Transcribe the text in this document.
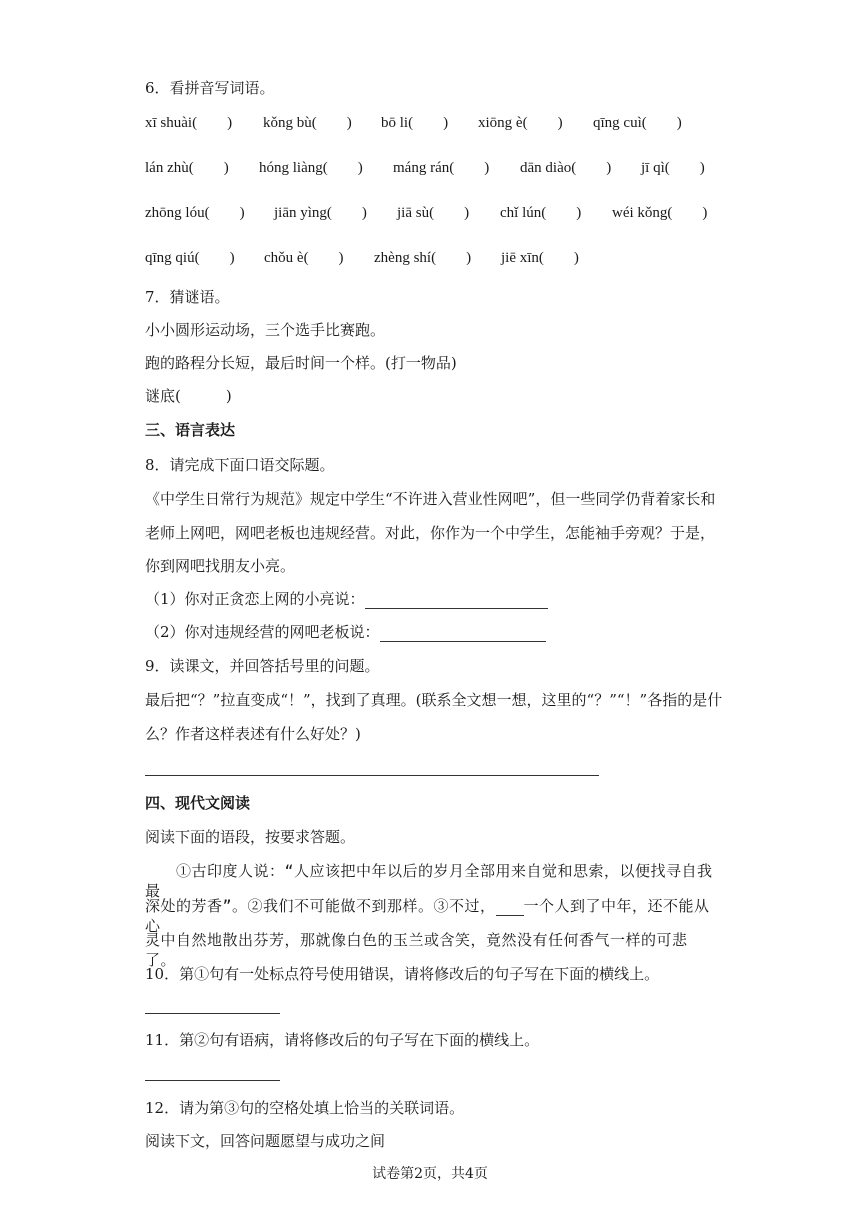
6．看拼音写词语。
xī shuài(　　) kǒng bù(　　) bō li(　　) xiōng è(　　) qīng cuì(　　)
lán zhù(　　) hóng liàng(　　) máng rán(　　) dān diào(　　) jī qì(　　)
zhōng lóu(　　) jiān yìng(　　) jiā sù(　　) chǐ lún(　　) wéi kǒng(　　)
qīng qiú(　　) chǒu è(　　) zhèng shí(　　) jiē xīn(　　)
7．猜谜语。
小小圆形运动场，三个选手比赛跑。
跑的路程分长短，最后时间一个样。(打一物品)
谜底(　　　)
三、语言表达
8．请完成下面口语交际题。
《中学生日常行为规范》规定中学生“不许进入营业性网吧”，但一些同学仍背着家长和
老师上网吧，网吧老板也违规经营。对此，你作为一个中学生，怎能袖手旁观？于是，
你到网吧找朋友小亮。
（1）你对正贪恋上网的小亮说：
（2）你对违规经营的网吧老板说：
9．读课文，并回答括号里的问题。
最后把“？”拉直变成“！”，找到了真理。(联系全文想一想，这里的“？”“！”各指的是什
么？作者这样表述有什么好处？)
四、现代文阅读
阅读下面的语段，按要求答题。
　　①古印度人说：“人应该把中年以后的岁月全部用来自觉和思索，以便找寻自我最
深处的芳香”。②我们不可能做不到那样。③不过， 一个人到了中年，还不能从心
灵中自然地散出芬芳，那就像白色的玉兰或含笑，竟然没有任何香气一样的可悲了。
10．第①句有一处标点符号使用错误，请将修改后的句子写在下面的横线上。
11．第②句有语病，请将修改后的句子写在下面的横线上。
12．请为第③句的空格处填上恰当的关联词语。
阅读下文，回答问题愿望与成功之间
试卷第2页，共4页
